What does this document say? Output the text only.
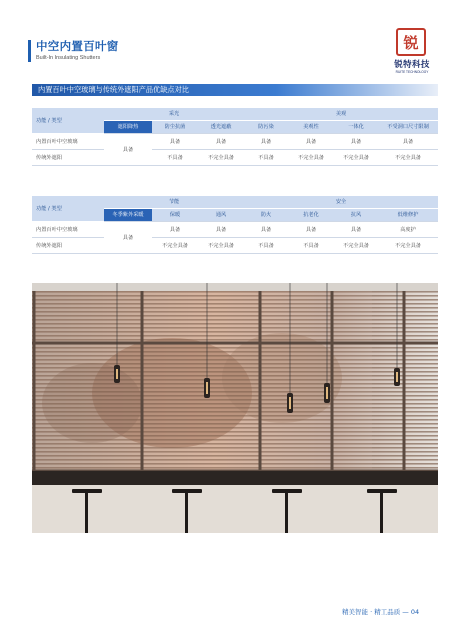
中空内置百叶窗
Built-In Insulating Shutters
锐
锐特科技
RUITE TECHNOLOGY
内置百叶中空玻璃与传统外遮阳产品优缺点对比
功能 / 类型	采光			美观			
	遮阳降热	防尘抗菌	透光遮蔽	防污染	美观性	一体化	不受洞口尺寸限制
内置百叶中空玻璃	具备	具备	具备	具备	具备	具备	具备
传统外遮阳		不具备	不完全具备	不具备	不完全具备	不完全具备	不完全具备
功能 / 类型	节能			安全			
	冬季紫外采暖	保暖	通风	防火	抗老化	抗风	低维修护
内置百叶中空玻璃	具备	具备	具备	具备	具备	具备	高度护
传统外遮阳		不完全具备	不完全具备	不具备	不具备	不完全具备	不完全具备
精美智能 · 精工品质 — 04
